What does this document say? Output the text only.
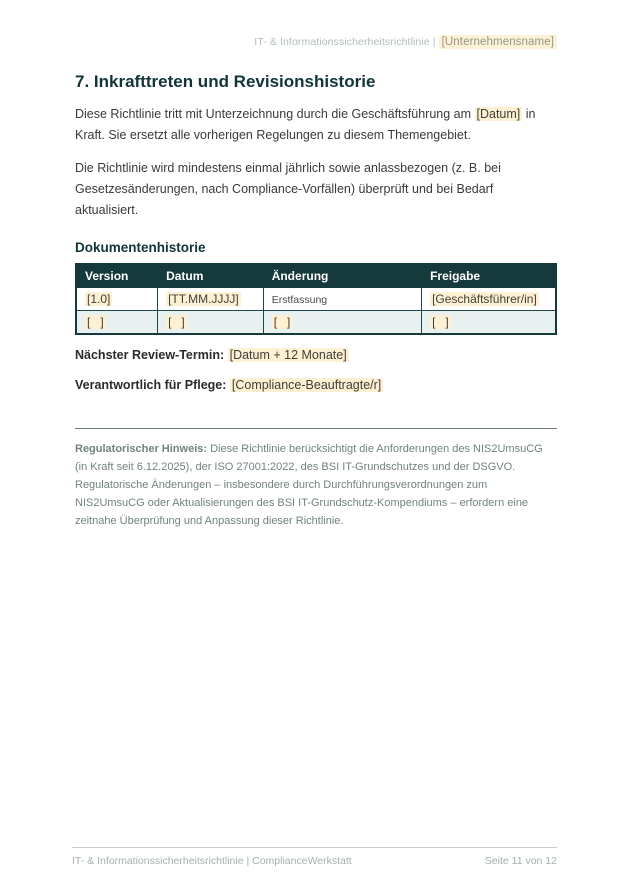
IT- & Informationssicherheitsrichtlinie | [Unternehmensname]
7. Inkrafttreten und Revisionshistorie

Diese Richtlinie tritt mit Unterzeichnung durch die Geschäftsführung am [Datum] in Kraft. Sie ersetzt alle vorherigen Regelungen zu diesem Themengebiet.

Die Richtlinie wird mindestens einmal jährlich sowie anlassbezogen (z. B. bei Gesetzesänderungen, nach Compliance-Vorfällen) überprüft und bei Bedarf aktualisiert.

Dokumentenhistorie
Version	Datum	Änderung	Freigabe
[1.0]	[TT.MM.JJJJ]	Erstfassung	[Geschäftsführer/in]
[   ]	[   ]	[   ]	[   ]

Nächster Review-Termin: [Datum + 12 Monate]

Verantwortlich für Pflege: [Compliance-Beauftragte/r]

Regulatorischer Hinweis: Diese Richtlinie berücksichtigt die Anforderungen des NIS2UmsuCG (in Kraft seit 6.12.2025), der ISO 27001:2022, des BSI IT-Grundschutzes und der DSGVO. Regulatorische Änderungen – insbesondere durch Durchführungsverordnungen zum NIS2UmsuCG oder Aktualisierungen des BSI IT-Grundschutz-Kompendiums – erfordern eine zeitnahe Überprüfung und Anpassung dieser Richtlinie.

IT- & Informationssicherheitsrichtlinie | ComplianceWerkstatt	Seite 11 von 12
